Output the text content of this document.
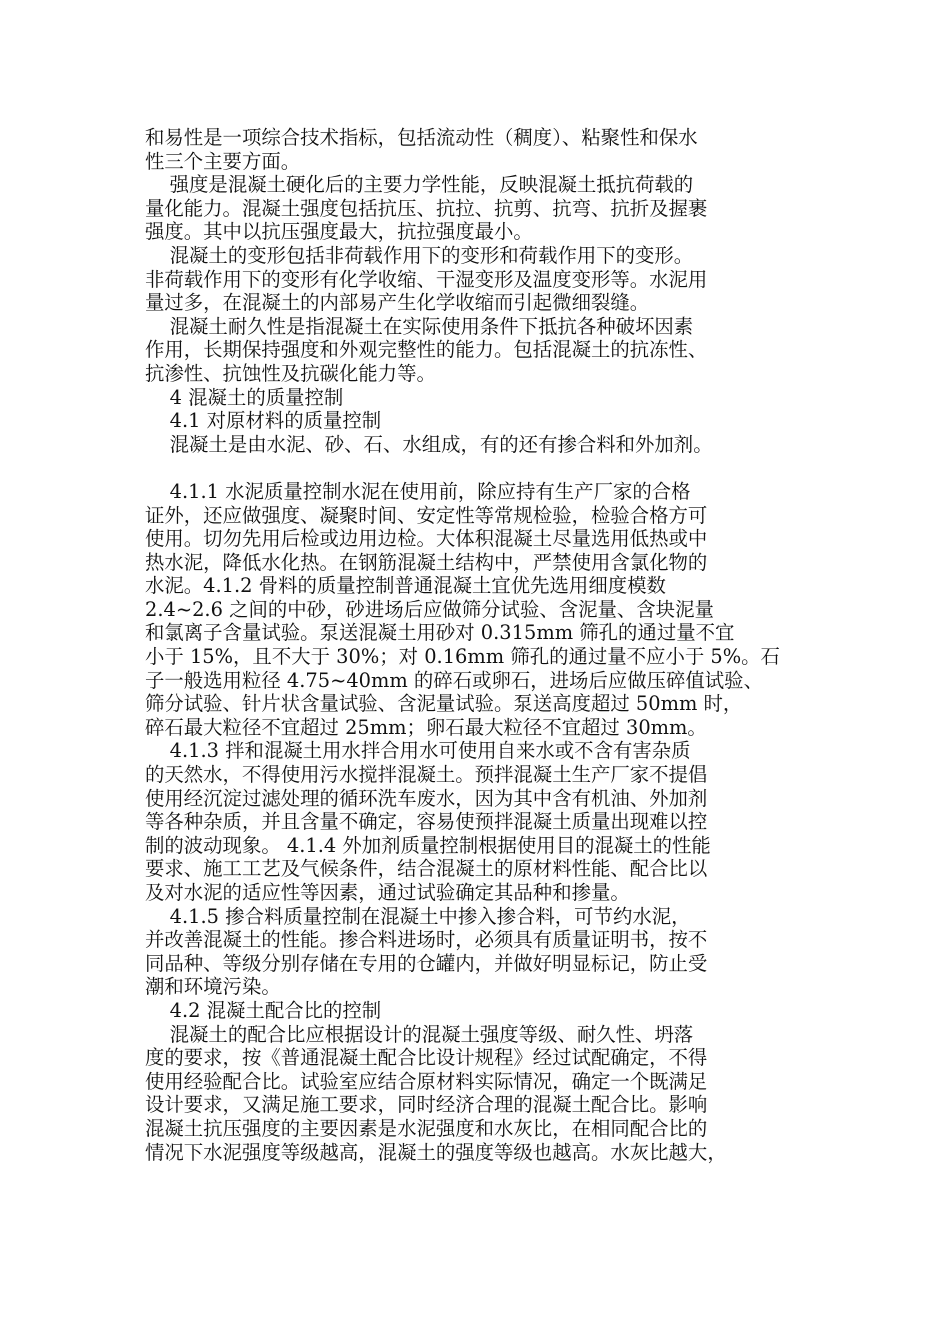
和易性是一项综合技术指标，包括流动性（稠度）、粘聚性和保水
性三个主要方面。
强度是混凝土硬化后的主要力学性能，反映混凝土抵抗荷载的
量化能力。混凝土强度包括抗压、抗拉、抗剪、抗弯、抗折及握裹
强度。其中以抗压强度最大，抗拉强度最小。
混凝土的变形包括非荷载作用下的变形和荷载作用下的变形。
非荷载作用下的变形有化学收缩、干湿变形及温度变形等。水泥用
量过多，在混凝土的内部易产生化学收缩而引起微细裂缝。
混凝土耐久性是指混凝土在实际使用条件下抵抗各种破坏因素
作用，长期保持强度和外观完整性的能力。包括混凝土的抗冻性、
抗渗性、抗蚀性及抗碳化能力等。
4 混凝土的质量控制
4.1 对原材料的质量控制
混凝土是由水泥、砂、石、水组成，有的还有掺合料和外加剂。
4.1.1 水泥质量控制水泥在使用前，除应持有生产厂家的合格
证外，还应做强度、凝聚时间、安定性等常规检验，检验合格方可
使用。切勿先用后检或边用边检。大体积混凝土尽量选用低热或中
热水泥，降低水化热。在钢筋混凝土结构中，严禁使用含氯化物的
水泥。4.1.2 骨料的质量控制普通混凝土宜优先选用细度模数
2.4~2.6 之间的中砂，砂进场后应做筛分试验、含泥量、含块泥量
和氯离子含量试验。泵送混凝土用砂对 0.315mm 筛孔的通过量不宜
小于 15%，且不大于 30%；对 0.16mm 筛孔的通过量不应小于 5%。石
子一般选用粒径 4.75~40mm 的碎石或卵石，进场后应做压碎值试验、
筛分试验、针片状含量试验、含泥量试验。泵送高度超过 50mm 时，
碎石最大粒径不宜超过 25mm；卵石最大粒径不宜超过 30mm。
4.1.3 拌和混凝土用水拌合用水可使用自来水或不含有害杂质
的天然水，不得使用污水搅拌混凝土。预拌混凝土生产厂家不提倡
使用经沉淀过滤处理的循环洗车废水，因为其中含有机油、外加剂
等各种杂质，并且含量不确定，容易使预拌混凝土质量出现难以控
制的波动现象。 4.1.4 外加剂质量控制根据使用目的混凝土的性能
要求、施工工艺及气候条件，结合混凝土的原材料性能、配合比以
及对水泥的适应性等因素，通过试验确定其品种和掺量。
4.1.5 掺合料质量控制在混凝土中掺入掺合料，可节约水泥，
并改善混凝土的性能。掺合料进场时，必须具有质量证明书，按不
同品种、等级分别存储在专用的仓罐内，并做好明显标记，防止受
潮和环境污染。
4.2 混凝土配合比的控制
混凝土的配合比应根据设计的混凝土强度等级、耐久性、坍落
度的要求，按《普通混凝土配合比设计规程》经过试配确定，不得
使用经验配合比。试验室应结合原材料实际情况，确定一个既满足
设计要求，又满足施工要求，同时经济合理的混凝土配合比。影响
混凝土抗压强度的主要因素是水泥强度和水灰比，在相同配合比的
情况下水泥强度等级越高，混凝土的强度等级也越高。水灰比越大，
